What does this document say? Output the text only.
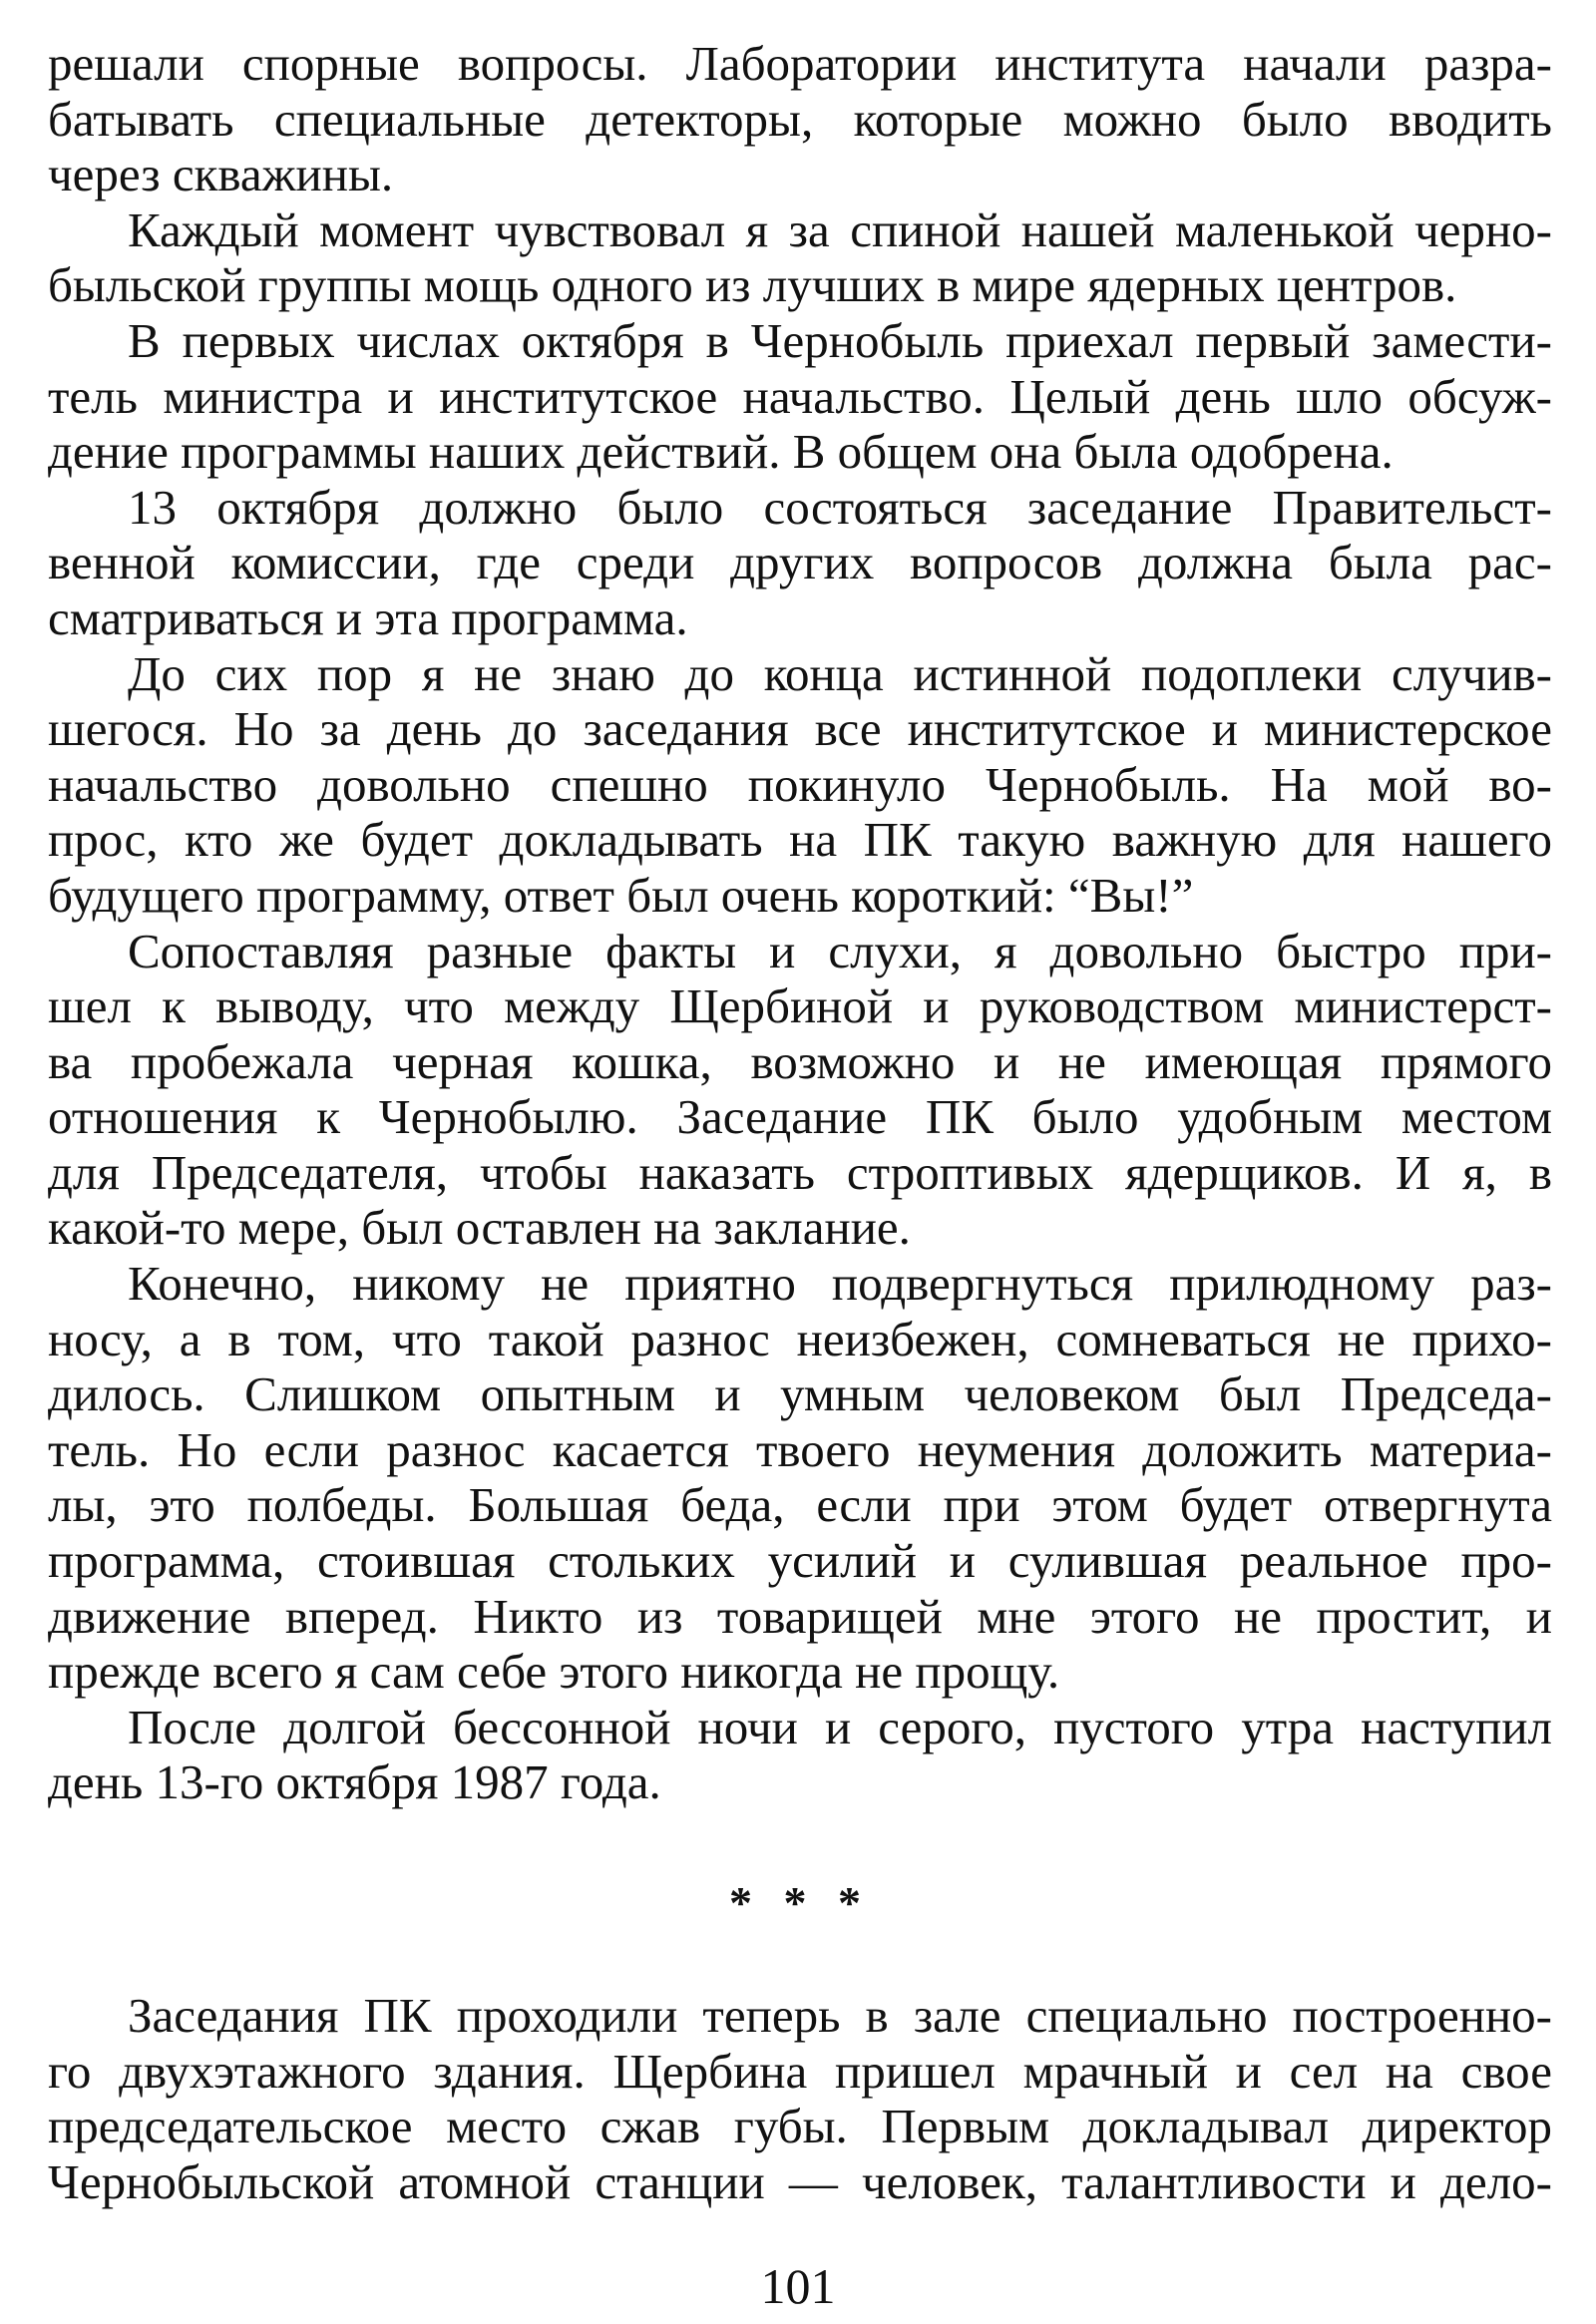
решали спорные вопросы. Лаборатории института начали разра-
батывать специальные детекторы, которые можно было вводить
через скважины.
Каждый момент чувствовал я за спиной нашей маленькой черно-
быльской группы мощь одного из лучших в мире ядерных центров.
В первых числах октября в Чернобыль приехал первый замести-
тель министра и институтское начальство. Целый день шло обсуж-
дение программы наших действий. В общем она была одобрена.
13 октября должно было состояться заседание Правительст-
венной комиссии, где среди других вопросов должна была рас-
сматриваться и эта программа.
До сих пор я не знаю до конца истинной подоплеки случив-
шегося. Но за день до заседания все институтское и министерское
начальство довольно спешно покинуло Чернобыль. На мой во-
прос, кто же будет докладывать на ПК такую важную для нашего
будущего программу, ответ был очень короткий: “Вы!”
Сопоставляя разные факты и слухи, я довольно быстро при-
шел к выводу, что между Щербиной и руководством министерст-
ва пробежала черная кошка, возможно и не имеющая прямого
отношения к Чернобылю. Заседание ПК было удобным местом
для Председателя, чтобы наказать строптивых ядерщиков. И я, в
какой-то мере, был оставлен на заклание.
Конечно, никому не приятно подвергнуться прилюдному раз-
носу, а в том, что такой разнос неизбежен, сомневаться не прихо-
дилось. Слишком опытным и умным человеком был Председа-
тель. Но если разнос касается твоего неумения доложить материа-
лы, это полбеды. Большая беда, если при этом будет отвергнута
программа, стоившая стольких усилий и сулившая реальное про-
движение вперед. Никто из товарищей мне этого не простит, и
прежде всего я сам себе этого никогда не прощу.
После долгой бессонной ночи и серого, пустого утра наступил
день 13-го октября 1987 года.
* * *
Заседания ПК проходили теперь в зале специально построенно-
го двухэтажного здания. Щербина пришел мрачный и сел на свое
председательское место сжав губы. Первым докладывал директор
Чернобыльской атомной станции — человек, талантливости и дело-
101
